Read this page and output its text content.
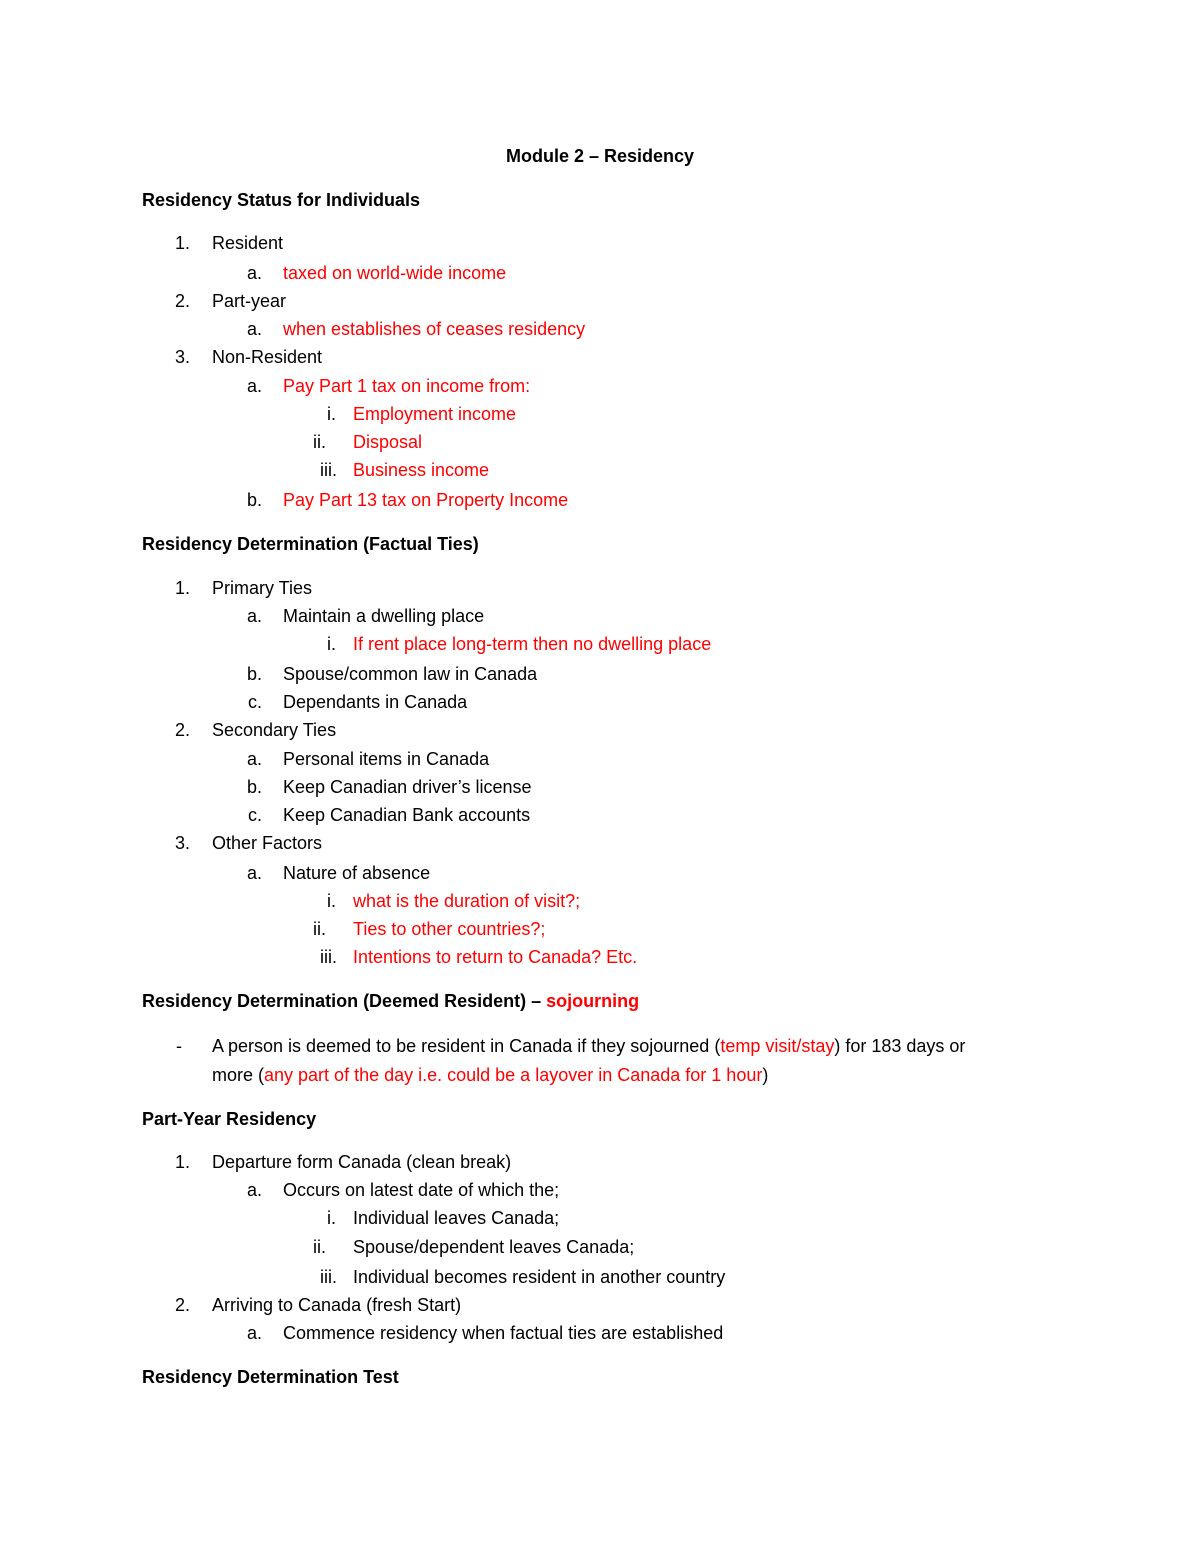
Module 2 – Residency
Residency Status for Individuals
1. Resident
a. taxed on world-wide income
2. Part-year
a. when establishes of ceases residency
3. Non-Resident
a. Pay Part 1 tax on income from:
i. Employment income
ii. Disposal
iii. Business income
b. Pay Part 13 tax on Property Income
Residency Determination (Factual Ties)
1. Primary Ties
a. Maintain a dwelling place
i. If rent place long-term then no dwelling place
b. Spouse/common law in Canada
c. Dependants in Canada
2. Secondary Ties
a. Personal items in Canada
b. Keep Canadian driver’s license
c. Keep Canadian Bank accounts
3. Other Factors
a. Nature of absence
i. what is the duration of visit?;
ii. Ties to other countries?;
iii. Intentions to return to Canada? Etc.
Residency Determination (Deemed Resident) – sojourning
- A person is deemed to be resident in Canada if they sojourned (temp visit/stay) for 183 days or
more (any part of the day i.e. could be a layover in Canada for 1 hour)
Part-Year Residency
1. Departure form Canada (clean break)
a. Occurs on latest date of which the;
i. Individual leaves Canada;
ii. Spouse/dependent leaves Canada;
iii. Individual becomes resident in another country
2. Arriving to Canada (fresh Start)
a. Commence residency when factual ties are established
Residency Determination Test
